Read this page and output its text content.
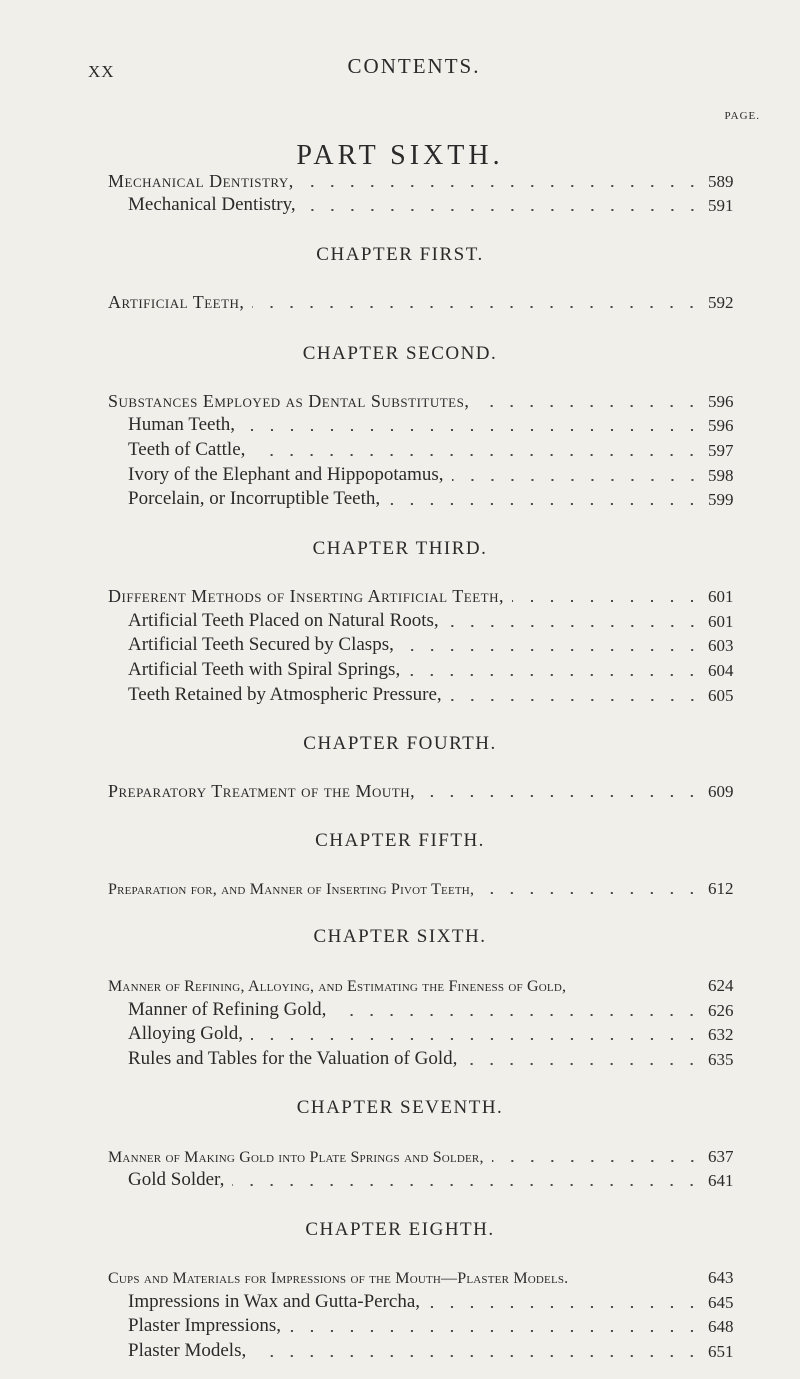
XX	CONTENTS.
PAGE.
PART SIXTH.
Mechanical Dentistry,	589
Mechanical Dentistry,	591
CHAPTER FIRST.
Artificial Teeth,	592
CHAPTER SECOND.
Substances Employed as Dental Substitutes,	596
Human Teeth,	596
Teeth of Cattle,	597
Ivory of the Elephant and Hippopotamus,	598
Porcelain, or Incorruptible Teeth,	599
CHAPTER THIRD.
Different Methods of Inserting Artificial Teeth,	601
Artificial Teeth Placed on Natural Roots,	601
Artificial Teeth Secured by Clasps,	603
Artificial Teeth with Spiral Springs,	604
Teeth Retained by Atmospheric Pressure,	605
CHAPTER FOURTH.
Preparatory Treatment of the Mouth,	609
CHAPTER FIFTH.
Preparation for, and Manner of Inserting Pivot Teeth,	612
CHAPTER SIXTH.
Manner of Refining, Alloying, and Estimating the Fineness of Gold,	624
Manner of Refining Gold,	626
Alloying Gold,	632
Rules and Tables for the Valuation of Gold,	635
CHAPTER SEVENTH.
Manner of Making Gold into Plate Springs and Solder,	637
Gold Solder,	641
CHAPTER EIGHTH.
Cups and Materials for Impressions of the Mouth—Plaster Models.	643
Impressions in Wax and Gutta-Percha,	645
Plaster Impressions,	648
Plaster Models,	651
